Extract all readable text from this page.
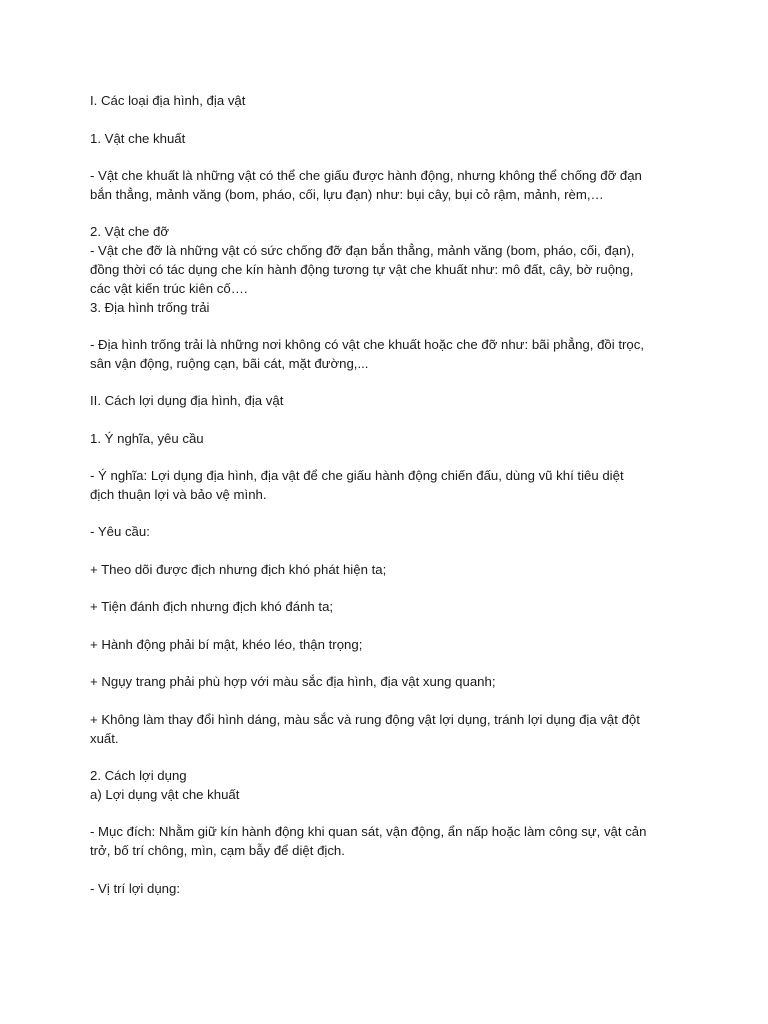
I. Các loại địa hình, địa vật
1. Vật che khuất
- Vật che khuất là những vật có thể che giấu được hành động, nhưng không thể chống đỡ đạn
bắn thẳng, mảnh văng (bom, pháo, cối, lựu đạn) như: bụi cây, bụi cỏ rậm, mảnh, rèm,…
2. Vật che đỡ
- Vật che đỡ là những vật có sức chống đỡ đạn bắn thẳng, mảnh văng (bom, pháo, cối, đạn),
đồng thời có tác dụng che kín hành động tương tự vật che khuất như: mô đất, cây, bờ ruộng,
các vật kiến trúc kiên cố….
3. Địa hình trống trải
- Địa hình trống trải là những nơi không có vật che khuất hoặc che đỡ như: bãi phẳng, đồi trọc,
sân vận động, ruộng cạn, bãi cát, mặt đường,...
II. Cách lợi dụng địa hình, địa vật
1. Ý nghĩa, yêu cầu
- Ý nghĩa: Lợi dụng địa hình, địa vật để che giấu hành động chiến đấu, dùng vũ khí tiêu diệt
địch thuận lợi và bảo vệ mình.
- Yêu cầu:
+ Theo dõi được địch nhưng địch khó phát hiện ta;
+ Tiện đánh địch nhưng địch khó đánh ta;
+ Hành động phải bí mật, khéo léo, thận trọng;
+ Ngụy trang phải phù hợp với màu sắc địa hình, địa vật xung quanh;
+ Không làm thay đổi hình dáng, màu sắc và rung động vật lợi dụng, tránh lợi dụng địa vật đột
xuất.
2. Cách lợi dụng
a) Lợi dụng vật che khuất
- Mục đích: Nhằm giữ kín hành động khi quan sát, vận động, ẩn nấp hoặc làm công sự, vật cản
trở, bố trí chông, mìn, cạm bẫy để diệt địch.
- Vị trí lợi dụng:
